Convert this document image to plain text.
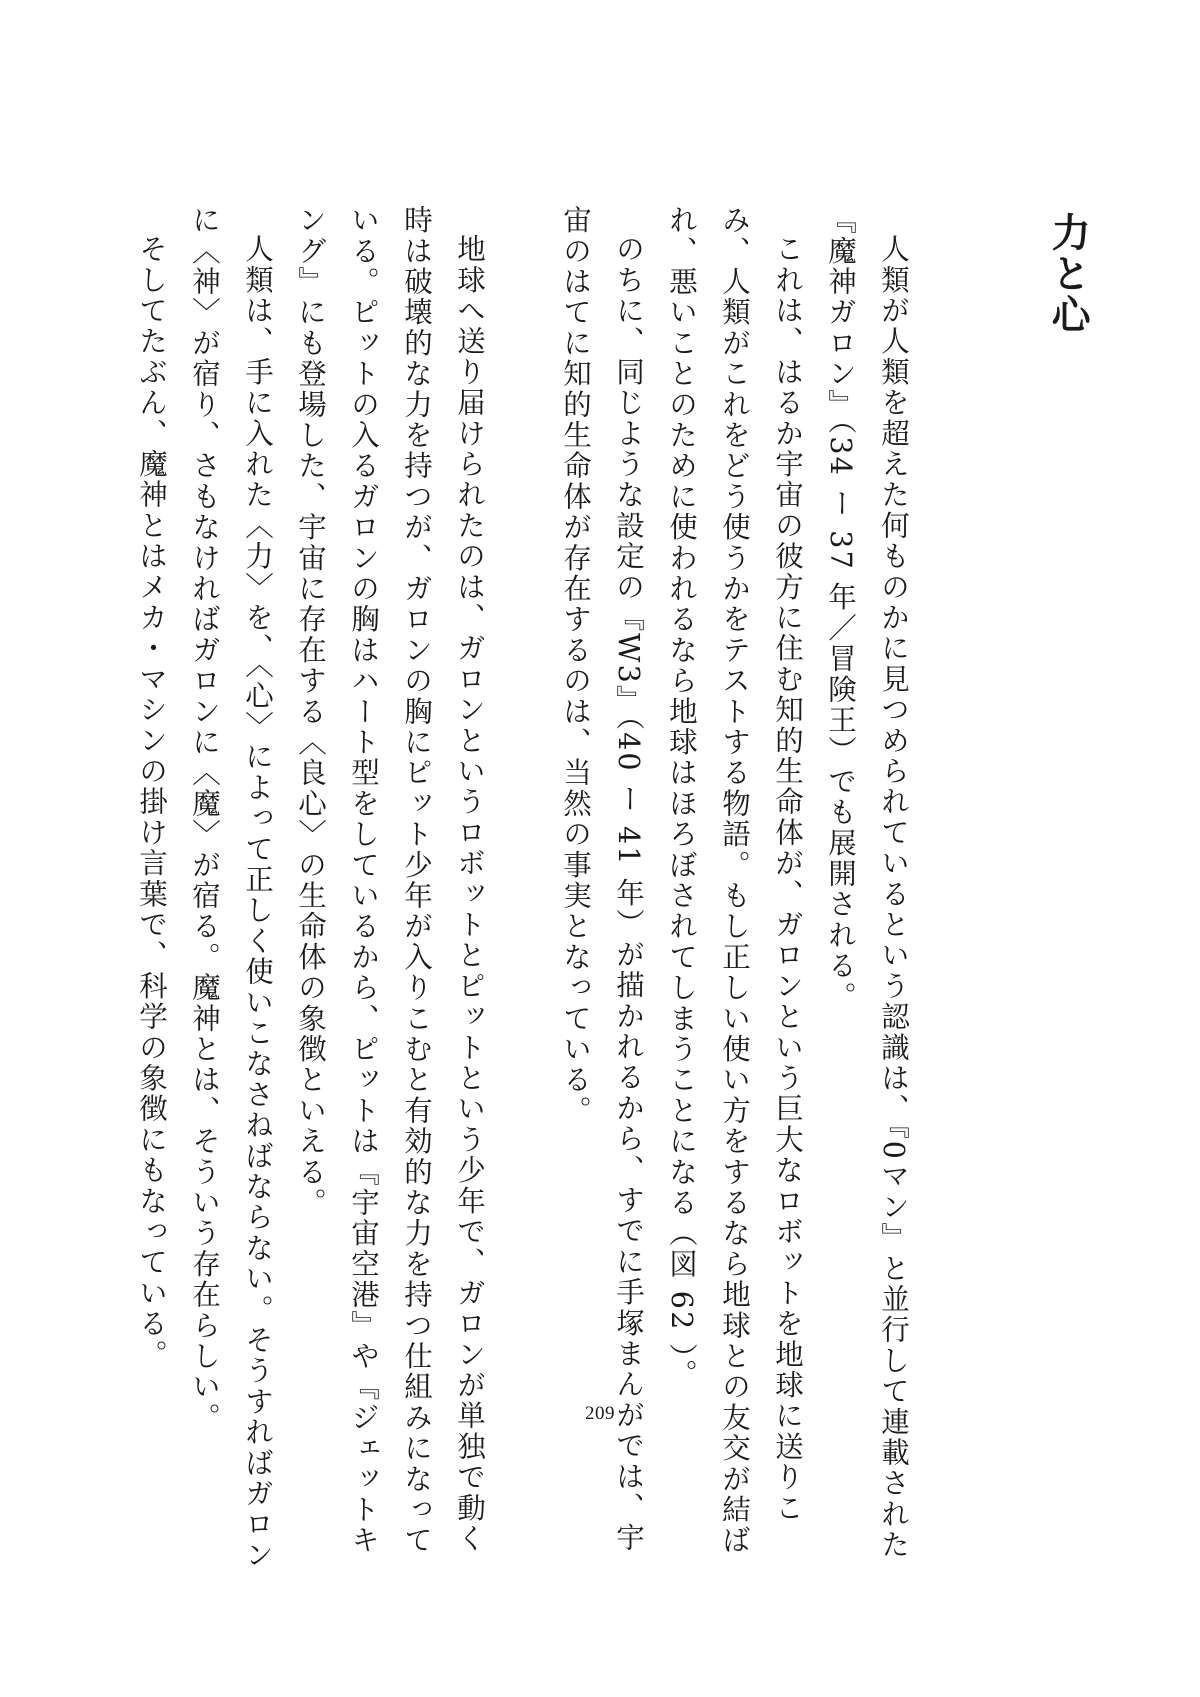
力と心

人類が人類を超えた何ものかに見つめられているという認識は、『0マン』と並行して連載された

『魔神ガロン』（34 ー 37 年／冒険王）でも展開される。

これは、はるか宇宙の彼方に住む知的生命体が、ガロンという巨大なロボットを地球に送りこ

み、人類がこれをどう使うかをテストする物語。もし正しい使い方をするなら地球との友交が結ば

れ、悪いことのために使われるなら地球はほろぼされてしまうことになる（図 62 ）。

のちに、同じような設定の『W3』（40 ー 41 年）が描かれるから、すでに手塚まんがでは、宇

宙のはてに知的生命体が存在するのは、当然の事実となっている。

地球へ送り届けられたのは、ガロンというロボットとピットという少年で、ガロンが単独で動く

時は破壊的な力を持つが、ガロンの胸にピット少年が入りこむと有効的な力を持つ仕組みになって

いる。ピットの入るガロンの胸はハート型をしているから、ピットは『宇宙空港』や『ジェットキ

ング』にも登場した、宇宙に存在する〈良心〉の生命体の象徴といえる。

人類は、手に入れた〈力〉を、〈心〉によって正しく使いこなさねばならない。そうすればガロン

に〈神〉が宿り、さもなければガロンに〈魔〉が宿る。魔神とは、そういう存在らしい。

そしてたぶん、魔神とはメカ・マシンの掛け言葉で、科学の象徴にもなっている。

209
